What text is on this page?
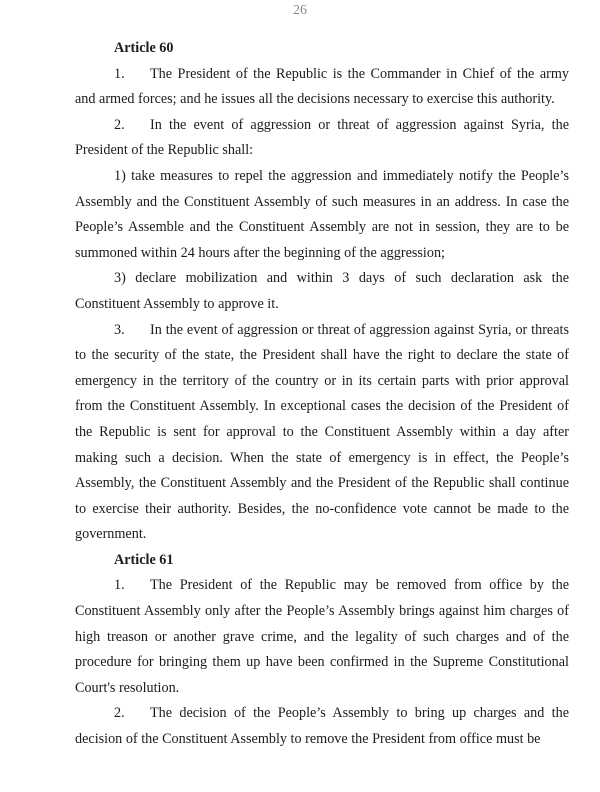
26

Article 60

1. The President of the Republic is the Commander in Chief of the army and armed forces; and he issues all the decisions necessary to exercise this authority.

2. In the event of aggression or threat of aggression against Syria, the President of the Republic shall:

1) take measures to repel the aggression and immediately notify the People’s Assembly and the Constituent Assembly of such measures in an address. In case the People’s Assemble and the Constituent Assembly are not in session, they are to be summoned within 24 hours after the beginning of the aggression;

3) declare mobilization and within 3 days of such declaration ask the Constituent Assembly to approve it.

3. In the event of aggression or threat of aggression against Syria, or threats to the security of the state, the President shall have the right to declare the state of emergency in the territory of the country or in its certain parts with prior approval from the Constituent Assembly. In exceptional cases the decision of the President of the Republic is sent for approval to the Constituent Assembly within a day after making such a decision. When the state of emergency is in effect, the People’s Assembly, the Constituent Assembly and the President of the Republic shall continue to exercise their authority. Besides, the no-confidence vote cannot be made to the government.

Article 61

1. The President of the Republic may be removed from office by the Constituent Assembly only after the People’s Assembly brings against him charges of high treason or another grave crime, and the legality of such charges and of the procedure for bringing them up have been confirmed in the Supreme Constitutional Court's resolution.

2. The decision of the People’s Assembly to bring up charges and the decision of the Constituent Assembly to remove the President from office must be
